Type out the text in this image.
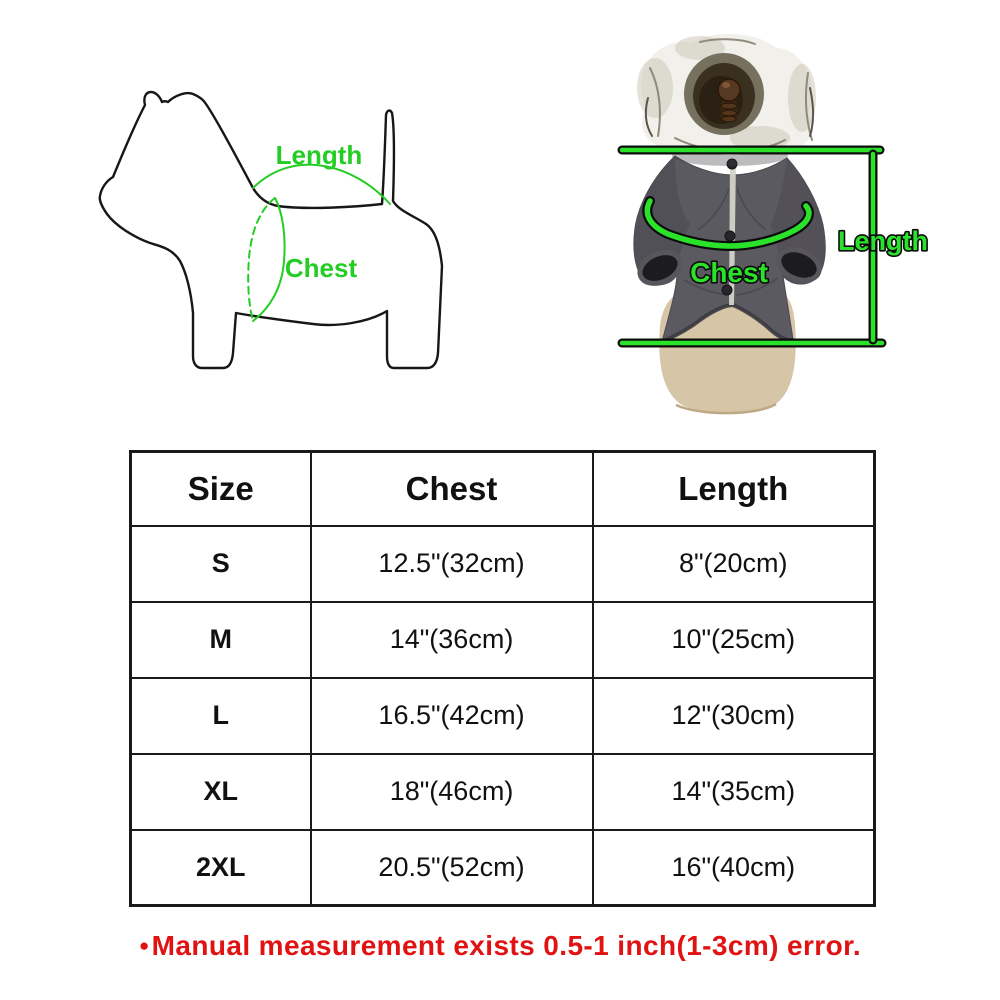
Length
Chest
Length
Chest
Size	Chest	Length
S	12.5"(32cm)	8"(20cm)
M	14"(36cm)	10"(25cm)
L	16.5"(42cm)	12"(30cm)
XL	18"(46cm)	14"(35cm)
2XL	20.5"(52cm)	16"(40cm)
●Manual measurement exists 0.5-1 inch(1-3cm) error.
